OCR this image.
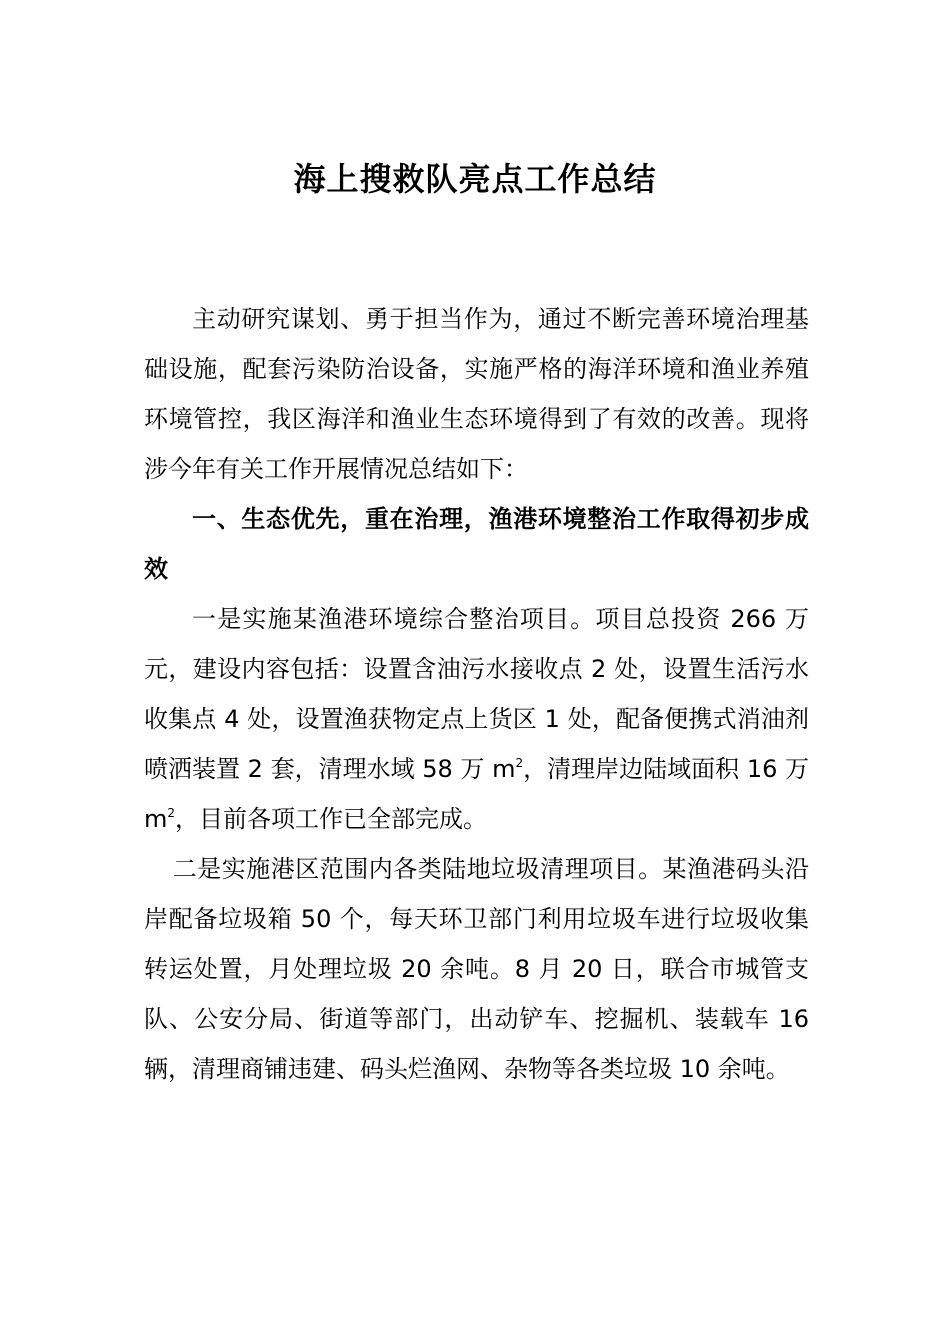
海上搜救队亮点工作总结

主动研究谋划、勇于担当作为，通过不断完善环境治理基础设施，配套污染防治设备，实施严格的海洋环境和渔业养殖环境管控，我区海洋和渔业生态环境得到了有效的改善。现将涉今年有关工作开展情况总结如下：

一、生态优先，重在治理，渔港环境整治工作取得初步成效

一是实施某渔港环境综合整治项目。项目总投资 266 万元，建设内容包括：设置含油污水接收点 2 处，设置生活污水收集点 4 处，设置渔获物定点上货区 1 处，配备便携式消油剂喷洒装置 2 套，清理水域 58 万 $m^2$，清理岸边陆域面积 16 万 $m^2$，目前各项工作已全部完成。

二是实施港区范围内各类陆地垃圾清理项目。某渔港码头沿岸配备垃圾箱 50 个，每天环卫部门利用垃圾车进行垃圾收集转运处置，月处理垃圾 20 余吨。8 月 20 日，联合市城管支队、公安分局、街道等部门，出动铲车、挖掘机、装载车 16 辆，清理商铺违建、码头烂渔网、杂物等各类垃圾 10 余吨。
